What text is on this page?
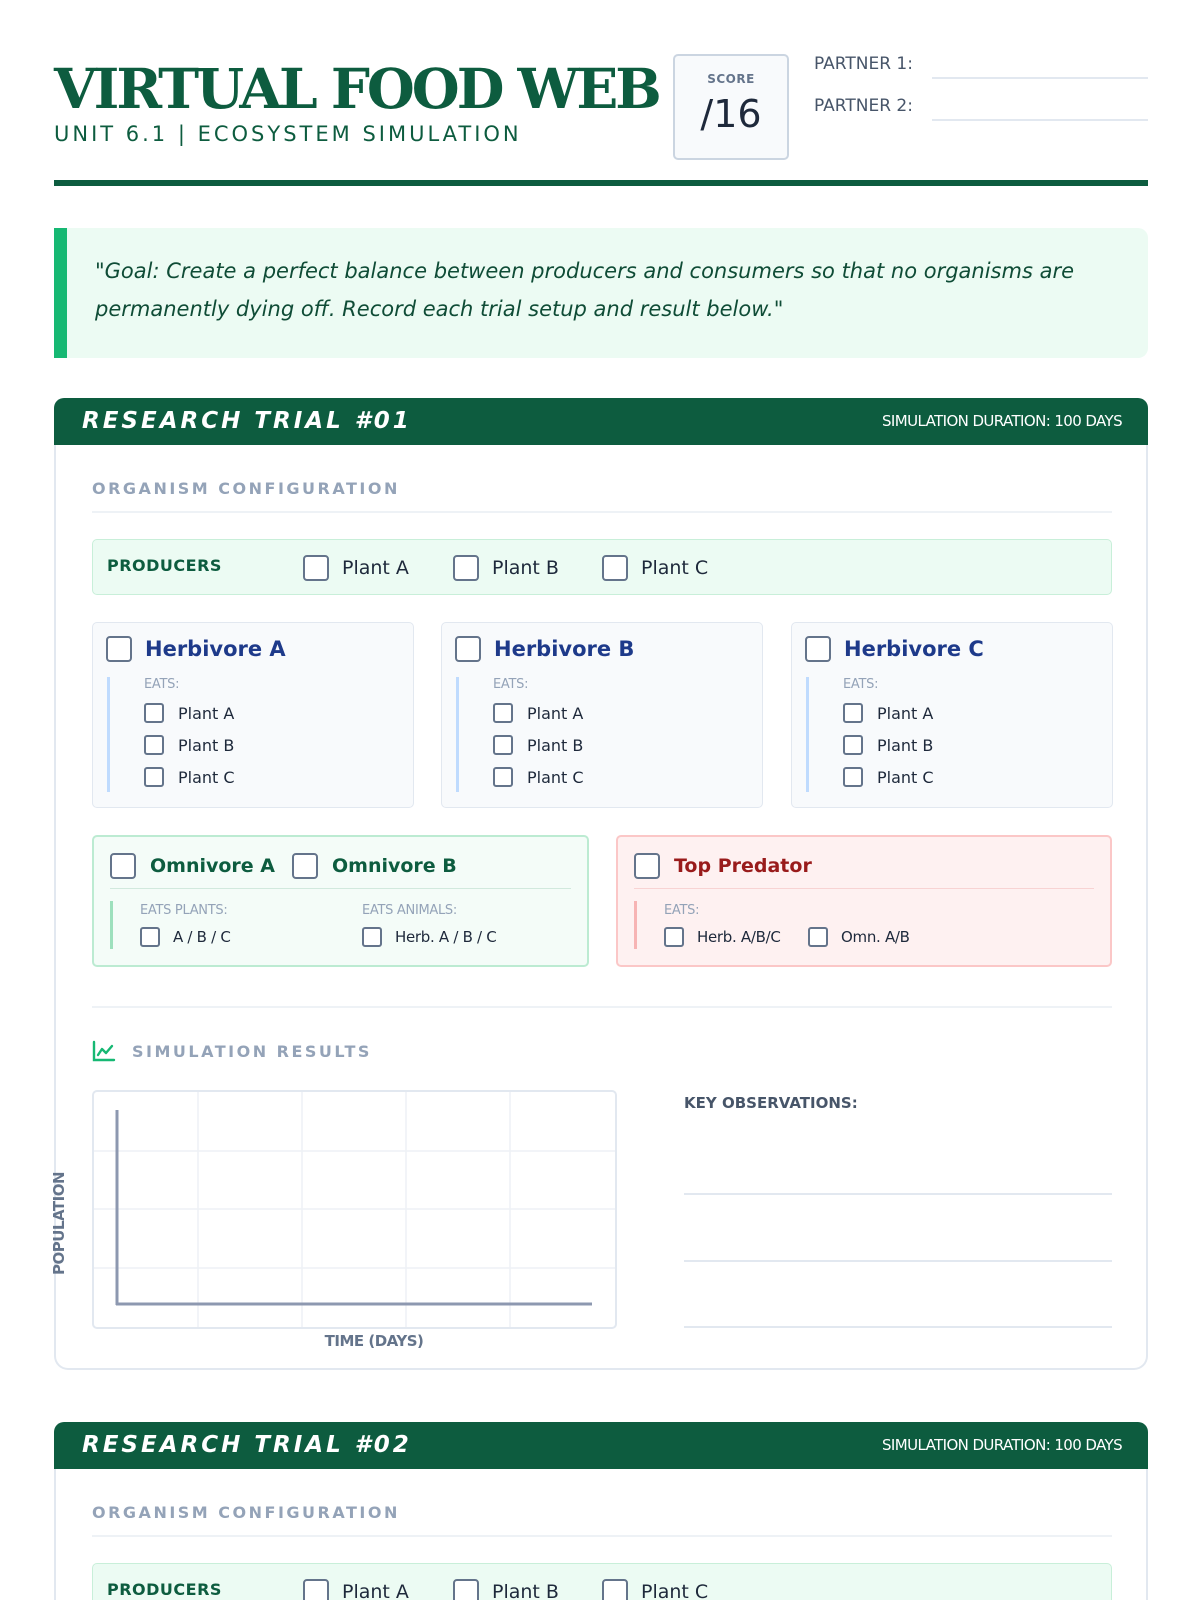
VIRTUAL FOOD WEB
UNIT 6.1 | ECOSYSTEM SIMULATION
SCORE
/16
PARTNER 1:
PARTNER 2:
"Goal: Create a perfect balance between producers and consumers so that no organisms are permanently dying off. Record each trial setup and result below."
RESEARCH TRIAL #01	SIMULATION DURATION: 100 DAYS
ORGANISM CONFIGURATION
PRODUCERS	Plant A	Plant B	Plant C
Herbivore A
EATS:
Plant A
Plant B
Plant C
Herbivore B
EATS:
Plant A
Plant B
Plant C
Herbivore C
EATS:
Plant A
Plant B
Plant C
Omnivore A	Omnivore B
EATS PLANTS:
A / B / C
EATS ANIMALS:
Herb. A / B / C
Top Predator
EATS:
Herb. A/B/C	Omn. A/B
SIMULATION RESULTS
POPULATION
TIME (DAYS)
KEY OBSERVATIONS:
RESEARCH TRIAL #02	SIMULATION DURATION: 100 DAYS
ORGANISM CONFIGURATION
PRODUCERS	Plant A	Plant B	Plant C
